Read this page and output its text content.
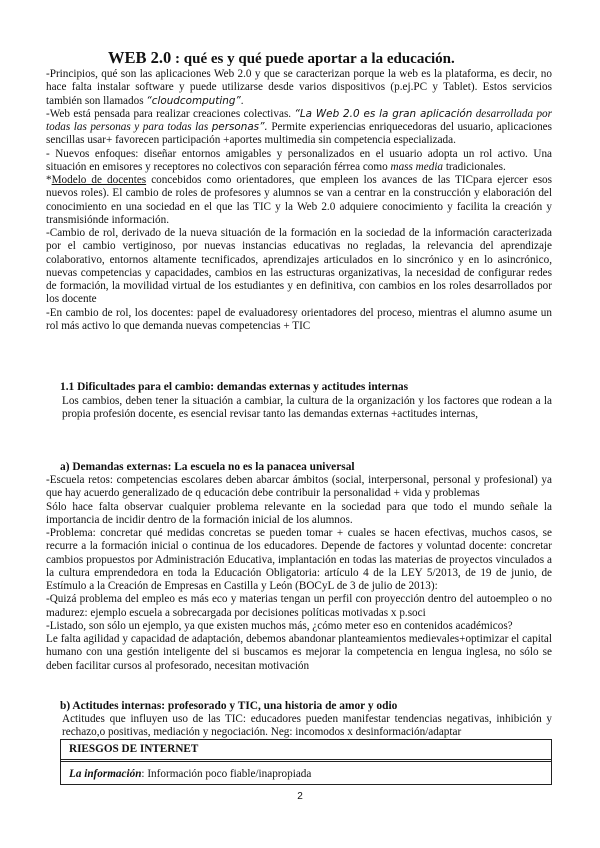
WEB 2.0 : qué es y qué puede aportar a la educación.

-Principios, qué son las aplicaciones Web 2.0 y que se caracterizan porque la web es la plataforma, es decir, no hace falta instalar software y puede utilizarse desde varios dispositivos (p.ej.PC y Tablet). Estos servicios también son llamados “cloudcomputing”.

-Web está pensada para realizar creaciones colectivas. “La Web 2.0 es la gran aplicación desarrollada por todas las personas y para todas las personas”. Permite experiencias enriquecedoras del usuario, aplicaciones sencillas usar+ favorecen participación +aportes multimedia sin competencia especializada.

- Nuevos enfoques: diseñar entornos amigables y personalizados en el usuario adopta un rol activo. Una situación en emisores y receptores no colectivos con separación férrea como mass media tradicionales.

*Modelo de docentes concebidos como orientadores, que empleen los avances de las TICpara ejercer esos nuevos roles). El cambio de roles de profesores y alumnos se van a centrar en la construcción y elaboración del conocimiento en una sociedad en el que las TIC y la Web 2.0 adquiere conocimiento y facilita la creación y transmisiónde información.

-Cambio de rol, derivado de la nueva situación de la formación en la sociedad de la información caracterizada por el cambio vertiginoso, por nuevas instancias educativas no regladas, la relevancia del aprendizaje colaborativo, entornos altamente tecnificados, aprendizajes articulados en lo sincrónico y en lo asincrónico, nuevas competencias y capacidades, cambios en las estructuras organizativas, la necesidad de configurar redes de formación, la movilidad virtual de los estudiantes y en definitiva, con cambios en los roles desarrollados por los docente

-En cambio de rol, los docentes: papel de evaluadoresy orientadores del proceso, mientras el alumno asume un rol más activo lo que demanda nuevas competencias + TIC

1.1 Dificultades para el cambio: demandas externas y actitudes internas
Los cambios, deben tener la situación a cambiar, la cultura de la organización y los factores que rodean a la propia profesión docente, es esencial revisar tanto las demandas externas +actitudes internas,
a) Demandas externas: La escuela no es la panacea universal

-Escuela retos: competencias escolares deben abarcar ámbitos (social, interpersonal, personal y profesional) ya que hay acuerdo generalizado de q educación debe contribuir la personalidad + vida y problemas

Sólo hace falta observar cualquier problema relevante en la sociedad para que todo el mundo señale la importancia de incidir dentro de la formación inicial de los alumnos.

-Problema: concretar qué medidas concretas se pueden tomar + cuales se hacen efectivas, muchos casos, se recurre a la formación inicial o continua de los educadores. Depende de factores y voluntad docente: concretar cambios propuestos por Administración Educativa, implantación en todas las materias de proyectos vinculados a la cultura emprendedora en toda la Educación Obligatoria: artículo 4 de la LEY 5/2013, de 19 de junio, de Estímulo a la Creación de Empresas en Castilla y León (BOCyL de 3 de julio de 2013):

-Quizá problema del empleo es más eco y materias tengan un perfil con proyección dentro del autoempleo o no madurez: ejemplo escuela a sobrecargada por decisiones políticas motivadas x p.soci

-Listado, son sólo un ejemplo, ya que existen muchos más, ¿cómo meter eso en contenidos académicos?

Le falta agilidad y capacidad de adaptación, debemos abandonar planteamientos medievales+optimizar el capital humano con una gestión inteligente del si buscamos es mejorar la competencia en lengua inglesa, no sólo se deben facilitar cursos al profesorado, necesitan motivación

b) Actitudes internas: profesorado y TIC, una historia de amor y odio
Actitudes que influyen uso de las TIC: educadores pueden manifestar tendencias negativas, inhibición y rechazo,o positivas, mediación y negociación. Neg: incomodos x desinformación/adaptar
RIESGOS DE INTERNET
La información: Información poco fiable/inapropiada
2
